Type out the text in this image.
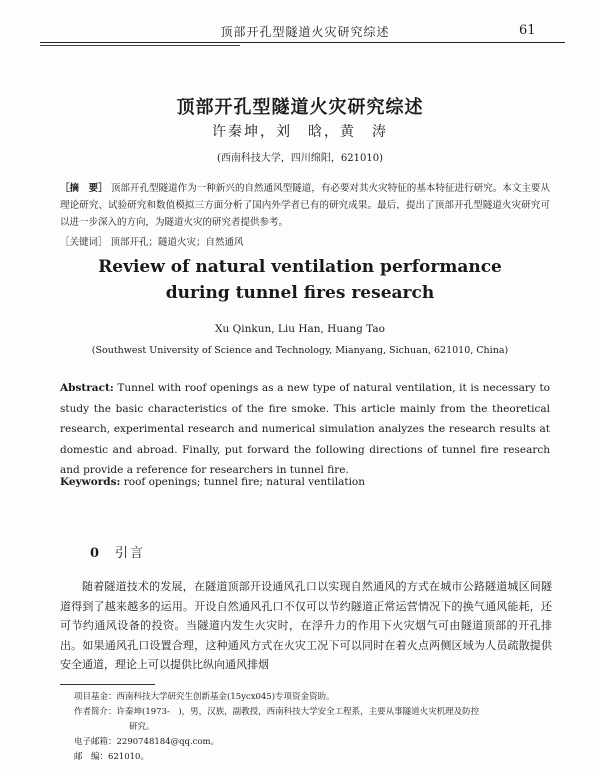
顶部开孔型隧道火灾研究综述	61
顶部开孔型隧道火灾研究综述
许秦坤，刘　晗，黄　涛
(西南科技大学，四川绵阳，621010)
［摘　要］ 顶部开孔型隧道作为一种新兴的自然通风型隧道，有必要对其火灾特征的基本特征进行研究。本文主要从理论研究、试验研究和数值模拟三方面分析了国内外学者已有的研究成果。最后，提出了顶部开孔型隧道火灾研究可以进一步深入的方向，为隧道火灾的研究者提供参考。
［关键词］ 顶部开孔；隧道火灾；自然通风
Review of natural ventilation performance
during tunnel fires research
Xu Qinkun, Liu Han, Huang Tao
(Southwest University of Science and Technology, Mianyang, Sichuan, 621010, China)
Abstract: Tunnel with roof openings as a new type of natural ventilation, it is necessary to study the basic characteristics of the fire smoke. This article mainly from the theoretical research, experimental research and numerical simulation analyzes the research results at domestic and abroad. Finally, put forward the following directions of tunnel fire research and provide a reference for researchers in tunnel fire.
Keywords: roof openings; tunnel fire; natural ventilation
0 引言
随着隧道技术的发展，在隧道顶部开设通风孔口以实现自然通风的方式在城市公路隧道城区间隧道得到了越来越多的运用。开设自然通风孔口不仅可以节约隧道正常运营情况下的换气通风能耗，还可节约通风设备的投资。当隧道内发生火灾时，在浮升力的作用下火灾烟气可由隧道顶部的开孔排出。如果通风孔口设置合理，这种通风方式在火灾工况下可以同时在着火点两侧区域为人员疏散提供安全通道，理论上可以提供比纵向通风排烟

项目基金：西南科技大学研究生创新基金(15ycx045)专项资金资助。

作者简介：许秦坤(1973-　)，男，汉族，副教授，西南科技大学安全工程系，主要从事隧道火灾机理及防控

研究。

电子邮箱：2290748184@qq.com。

邮　编：621010。
